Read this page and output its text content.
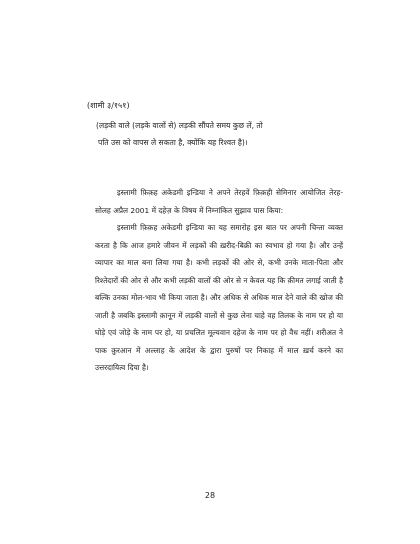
(शामी ३/१५१)

(लड़की वाले (लड़के वालों से) लड़की सौंपते समय कुछ लें, तो

पति उस को वापस ले सकता है, क्योंकि यह रिश्वत है)।

इस्लामी फ़िक़ह अकेडमी इन्डिया ने अपने तेरहवें फ़िक़ही सेमिनार आयोजित तेरह-सोलह अप्रैल 2001 में दहेज़ के विषय में निम्नांकित सुझाव पास किया:

इस्लामी फ़िक़ह अकेडमी इन्डिया का यह समारोह इस बात पर अपनी चिन्ता व्यक्त करता है कि आज हमारे जीवन में लड़कों की ख़रीद-बिक्री का स्वभाव हो गया है। और उन्हें व्यापार का माल बना लिया गया है। कभी लड़कों की ओर से, कभी उनके माता-पिता और रिश्तेदारों की ओर से और कभी लड़की वालों की ओर से न केवल यह कि क़ीमत लगाई जाती है बल्कि उनका मोल-भाव भी किया जाता है। और अधिक से अधिक माल देने वाले की खोज की जाती है जबकि इस्लामी क़ानून में लड़की वालों से कुछ लेना चाहे वह तिलक के नाम पर हो या घोड़े एवं जोड़े के नाम पर हो, या प्रचलित मूल्यवान दहेज के नाम पर हो वैध नहीं। शरीअत ने पाक क़ुरआन में अल्लाह के आदेश के द्वारा पुरुषों पर निकाह में माल ख़र्च करने का उत्तरदायित्व दिया है।

28
